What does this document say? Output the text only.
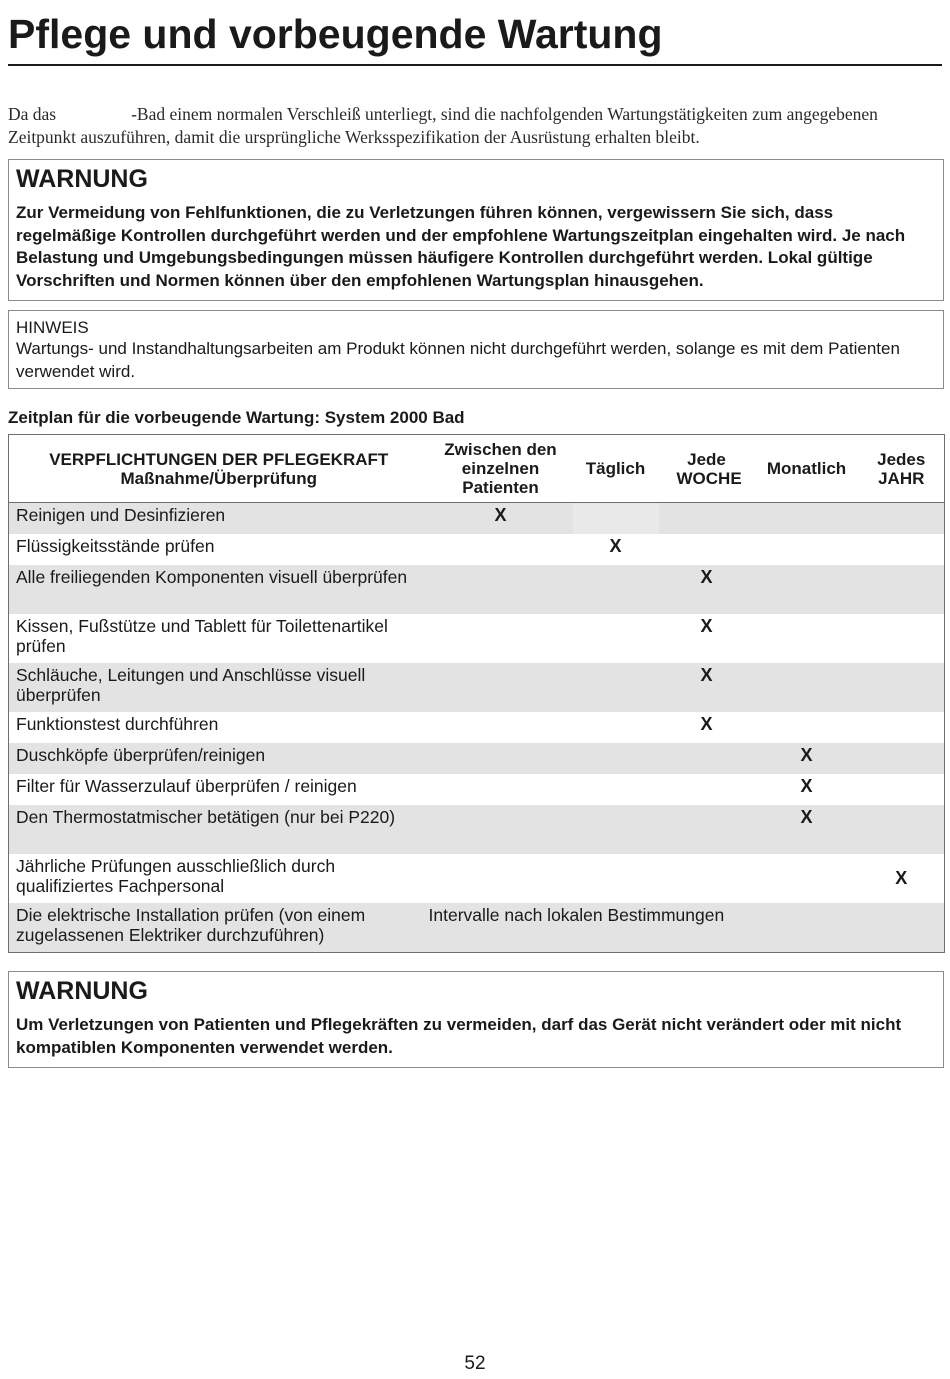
Pflege und vorbeugende Wartung

Da das	-Bad einem normalen Verschleiß unterliegt, sind die nachfolgenden Wartungstätigkeiten zum angegebenen Zeitpunkt auszuführen, damit die ursprüngliche Werksspezifikation der Ausrüstung erhalten bleibt.

WARNUNG
Zur Vermeidung von Fehlfunktionen, die zu Verletzungen führen können, vergewissern Sie sich, dass regelmäßige Kontrollen durchgeführt werden und der empfohlene Wartungszeitplan eingehalten wird. Je nach Belastung und Umgebungsbedingungen müssen häufigere Kontrollen durchgeführt werden. Lokal gültige Vorschriften und Normen können über den empfohlenen Wartungsplan hinausgehen.
HINWEIS
Wartungs- und Instandhaltungsarbeiten am Produkt können nicht durchgeführt werden, solange es mit dem Patienten verwendet wird.
Zeitplan für die vorbeugende Wartung: System 2000 Bad
VERPFLICHTUNGEN DER PFLEGEKRAFT
Maßnahme/Überprüfung	Zwischen den einzelnen Patienten	Täglich	Jede WOCHE	Monatlich	Jedes JAHR
Reinigen und Desinfizieren	X				
Flüssigkeitsstände prüfen		X			
Alle freiliegenden Komponenten visuell überprüfen			X		
Kissen, Fußstütze und Tablett für Toilettenartikel prüfen			X		
Schläuche, Leitungen und Anschlüsse visuell überprüfen			X		
Funktionstest durchführen			X		
Duschköpfe überprüfen/reinigen				X	
Filter für Wasserzulauf überprüfen / reinigen				X	
Den Thermostatmischer betätigen (nur bei P220)				X	
Jährliche Prüfungen ausschließlich durch qualifiziertes Fachpersonal					X
Die elektrische Installation prüfen (von einem zugelassenen Elektriker durchzuführen)	Intervalle nach lokalen Bestimmungen				
WARNUNG
Um Verletzungen von Patienten und Pflegekräften zu vermeiden, darf das Gerät nicht verändert oder mit nicht kompatiblen Komponenten verwendet werden.
52
